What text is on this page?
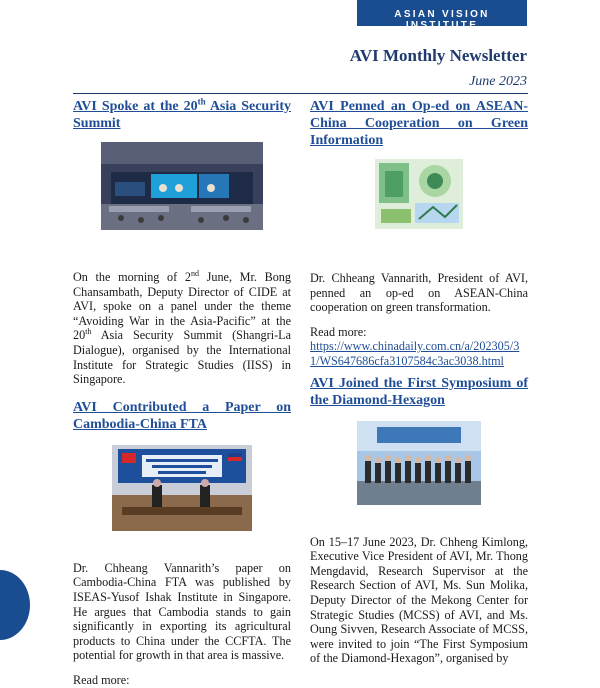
ASIAN VISION INSTITUTE
AVI Monthly Newsletter
June 2023
AVI Spoke at the 20th Asia Security Summit

On the morning of 2nd June, Mr. Bong Chansambath, Deputy Director of CIDE at AVI, spoke on a panel under the theme “Avoiding War in the Asia-Pacific” at the 20th Asia Security Summit (Shangri-La Dialogue), organised by the International Institute for Strategic Studies (IISS) in Singapore.

AVI Contributed a Paper on Cambodia-China FTA

Dr. Chheang Vannarith’s paper on Cambodia-China FTA was published by ISEAS-Yusof Ishak Institute in Singapore. He argues that Cambodia stands to gain significantly in exporting its agricultural products to China under the CCFTA. The potential for growth in that area is massive.

Read more:

AVI Penned an Op-ed on ASEAN-China Cooperation on Green Information

Dr. Chheang Vannarith, President of AVI, penned an op-ed on ASEAN-China cooperation on green transformation.

Read more:

https://www.chinadaily.com.cn/a/202305/31/WS647686cfa3107584c3ac3038.html
AVI Joined the First Symposium of the Diamond-Hexagon

On 15–17 June 2023, Dr. Chheng Kimlong, Executive Vice President of AVI, Mr. Thong Mengdavid, Research Supervisor at the Research Section of AVI, Ms. Sun Molika, Deputy Director of the Mekong Center for Strategic Studies (MCSS) of AVI, and Ms. Oung Sivven, Research Associate of MCSS, were invited to join “The First Symposium of the Diamond-Hexagon”, organised by
